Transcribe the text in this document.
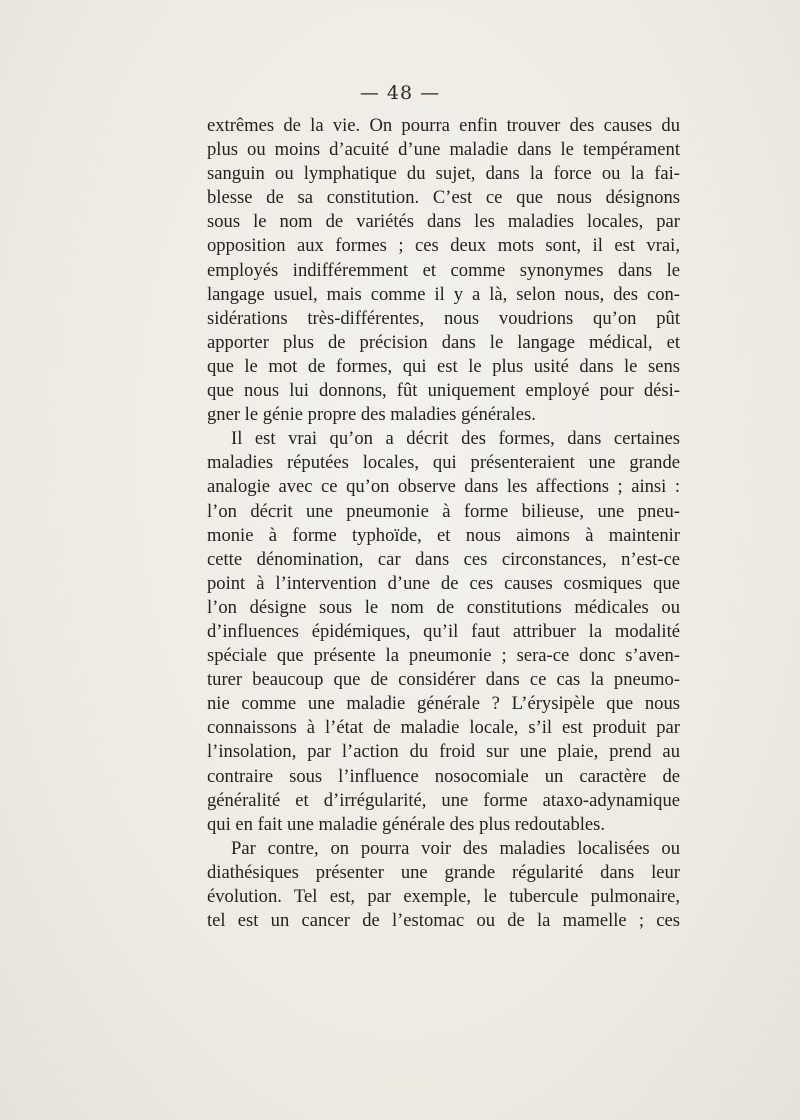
— 48 —
extrêmes de la vie. On pourra enfin trouver des causes du
plus ou moins d’acuité d’une maladie dans le tempérament
sanguin ou lymphatique du sujet, dans la force ou la fai-
blesse de sa constitution. C’est ce que nous désignons
sous le nom de variétés dans les maladies locales, par
opposition aux formes ; ces deux mots sont, il est vrai,
employés indifféremment et comme synonymes dans le
langage usuel, mais comme il y a là, selon nous, des con-
sidérations très-différentes, nous voudrions qu’on pût
apporter plus de précision dans le langage médical, et
que le mot de formes, qui est le plus usité dans le sens
que nous lui donnons, fût uniquement employé pour dési-
gner le génie propre des maladies générales.
Il est vrai qu’on a décrit des formes, dans certaines
maladies réputées locales, qui présenteraient une grande
analogie avec ce qu’on observe dans les affections ; ainsi :
l’on décrit une pneumonie à forme bilieuse, une pneu-
monie à forme typhoïde, et nous aimons à maintenir
cette dénomination, car dans ces circonstances, n’est-ce
point à l’intervention d’une de ces causes cosmiques que
l’on désigne sous le nom de constitutions médicales ou
d’influences épidémiques, qu’il faut attribuer la modalité
spéciale que présente la pneumonie ; sera-ce donc s’aven-
turer beaucoup que de considérer dans ce cas la pneumo-
nie comme une maladie générale ? L’érysipèle que nous
connaissons à l’état de maladie locale, s’il est produit par
l’insolation, par l’action du froid sur une plaie, prend au
contraire sous l’influence nosocomiale un caractère de
généralité et d’irrégularité, une forme ataxo-adynamique
qui en fait une maladie générale des plus redoutables.
Par contre, on pourra voir des maladies localisées ou
diathésiques présenter une grande régularité dans leur
évolution. Tel est, par exemple, le tubercule pulmonaire,
tel est un cancer de l’estomac ou de la mamelle ; ces
